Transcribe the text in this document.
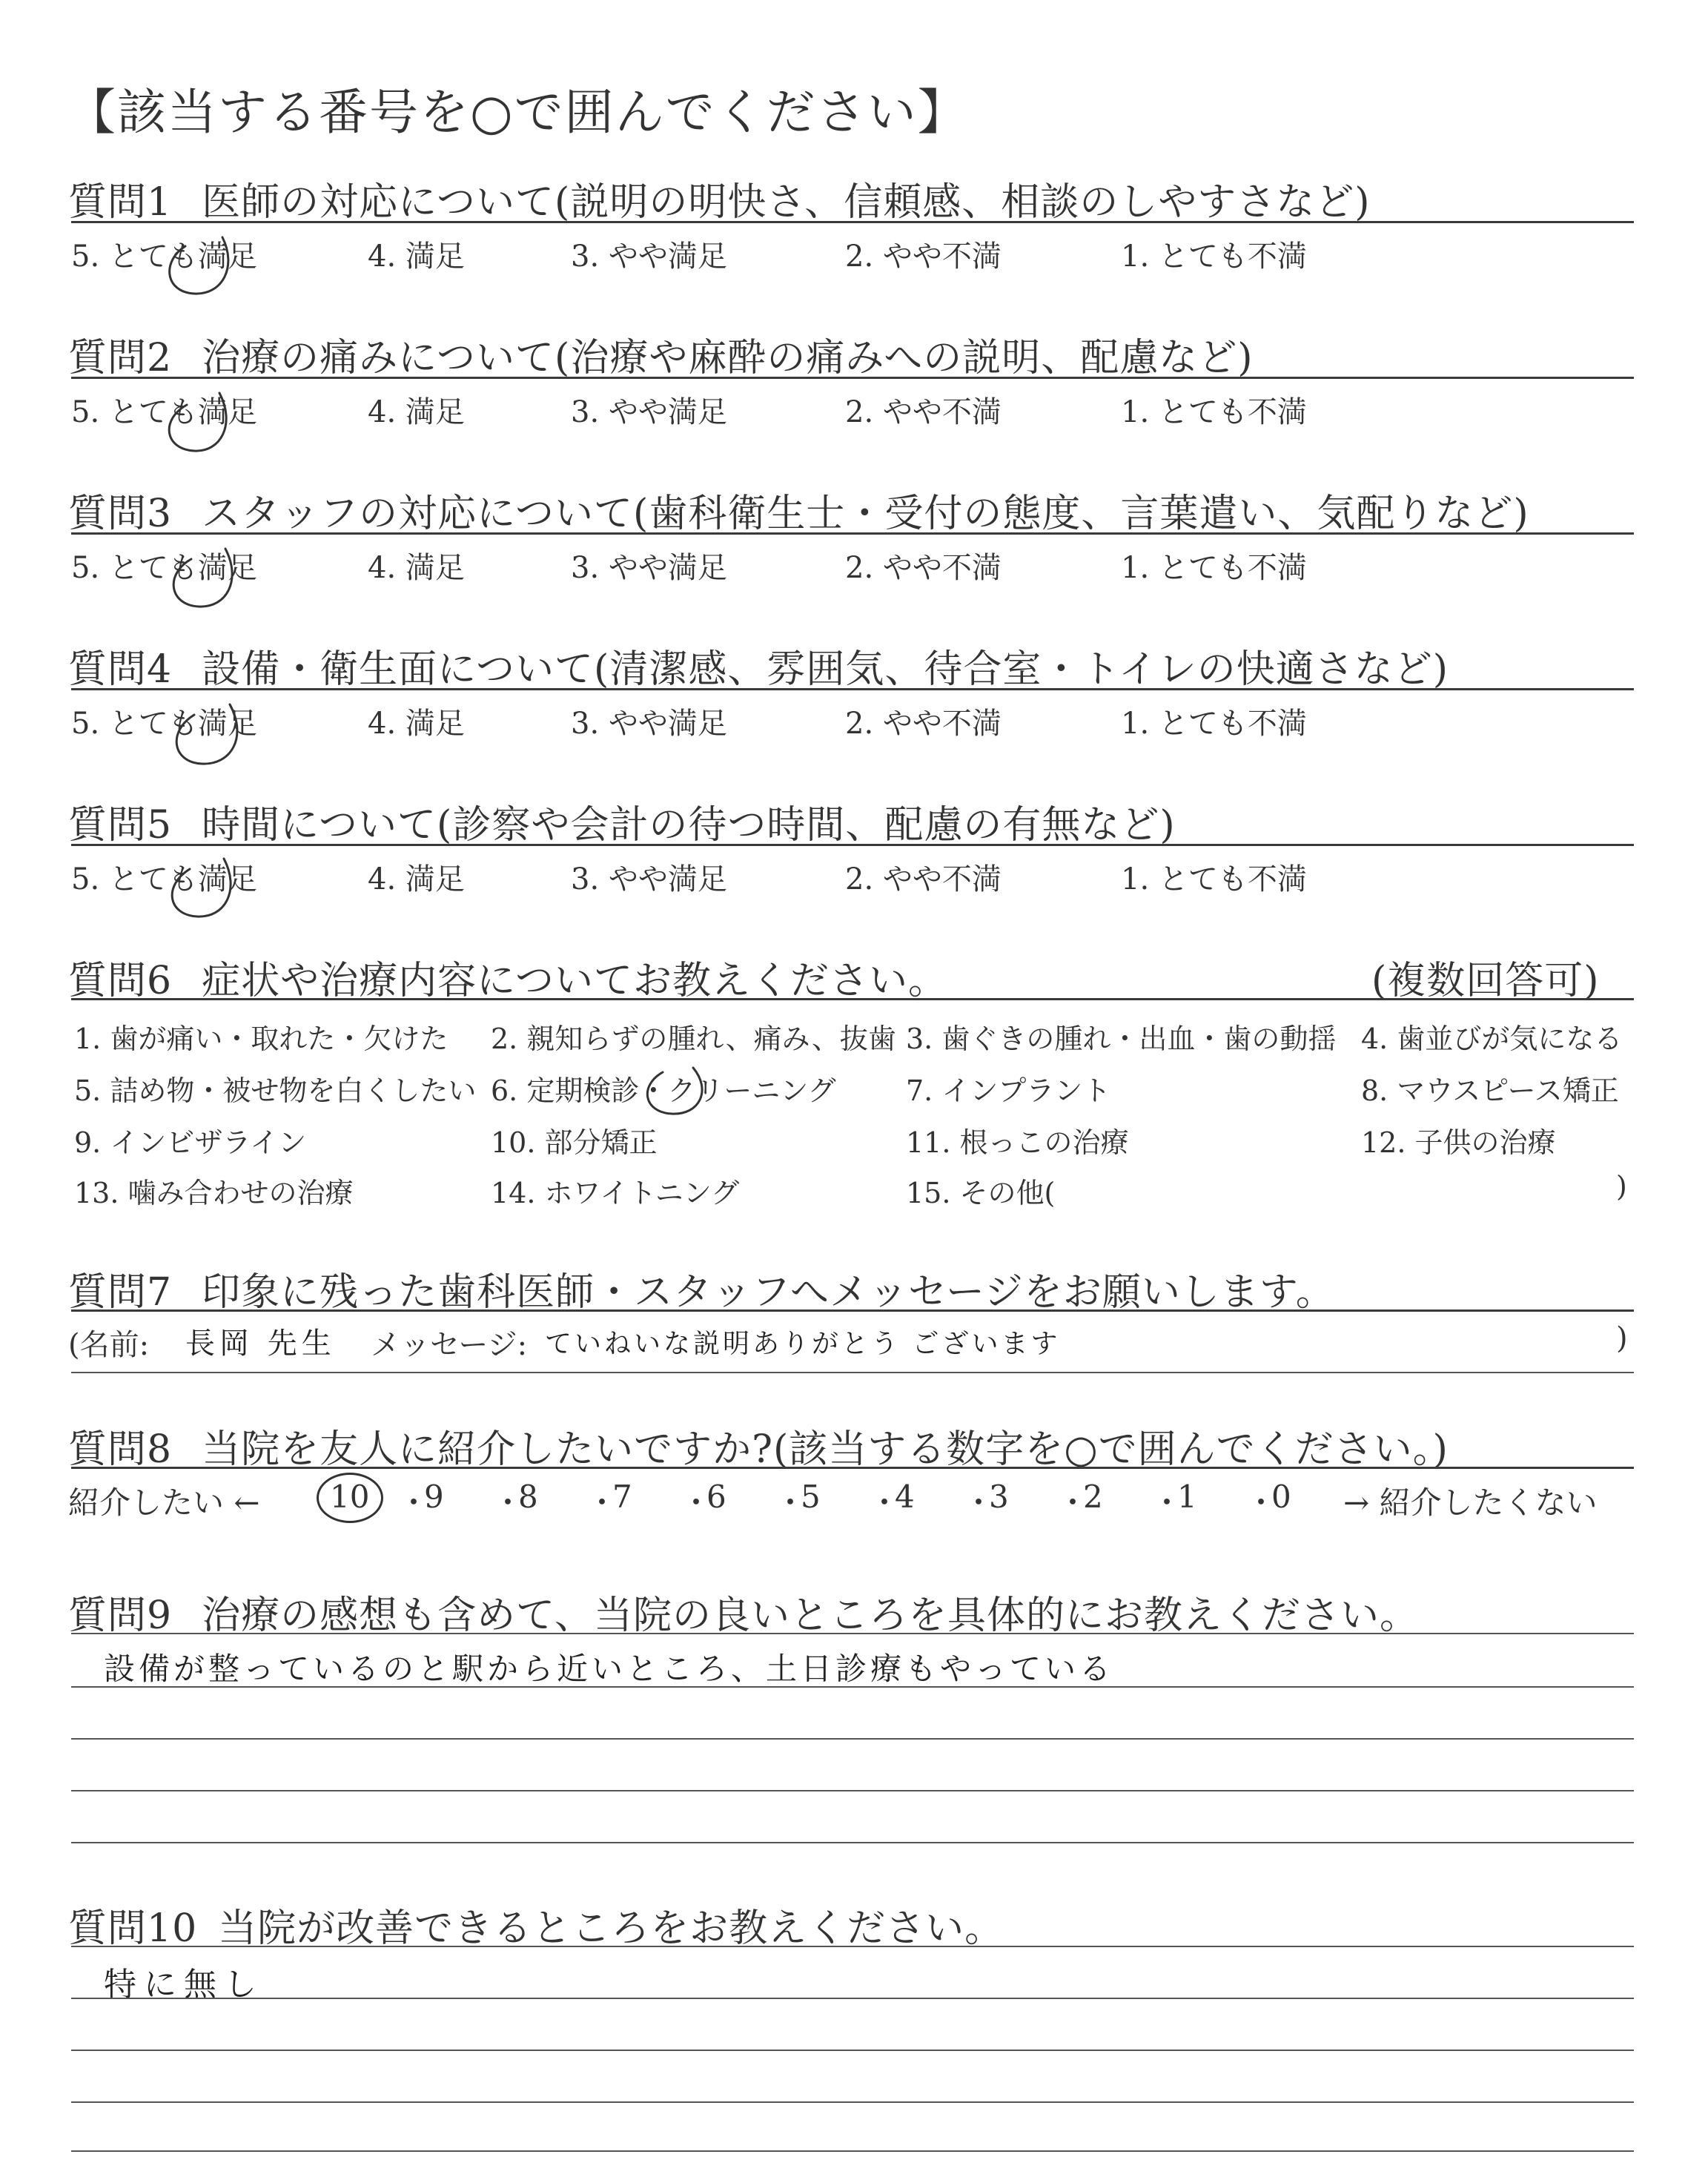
【該当する番号を○で囲んでください】
質問1 医師の対応について(説明の明快さ、信頼感、相談のしやすさなど)
5. とても満足	4. 満足	3. やや満足	2. やや不満	1. とても不満
質問2 治療の痛みについて(治療や麻酔の痛みへの説明、配慮など)
5. とても満足	4. 満足	3. やや満足	2. やや不満	1. とても不満
質問3 スタッフの対応について(歯科衛生士・受付の態度、言葉遣い、気配りなど)
5. とても満足	4. 満足	3. やや満足	2. やや不満	1. とても不満
質問4 設備・衛生面について(清潔感、雰囲気、待合室・トイレの快適さなど)
5. とても満足	4. 満足	3. やや満足	2. やや不満	1. とても不満
質問5 時間について(診察や会計の待つ時間、配慮の有無など)
5. とても満足	4. 満足	3. やや満足	2. やや不満	1. とても不満
質問6 症状や治療内容についてお教えください。	(複数回答可)
1. 歯が痛い・取れた・欠けた 2. 親知らずの腫れ、痛み、抜歯 3. 歯ぐきの腫れ・出血・歯の動揺 4. 歯並びが気になる
5. 詰め物・被せ物を白くしたい 6. 定期検診・クリーニング 7. インプラント	8. マウスピース矯正
9. インビザライン	10. 部分矯正	11. 根っこの治療	12. 子供の治療
13. 噛み合わせの治療	14. ホワイトニング	15. その他(	)
質問7 印象に残った歯科医師・スタッフへメッセージをお願いします。
(名前: 長岡 先生 メッセージ: ていねいな説明ありがとう ございます	)
質問8 当院を友人に紹介したいですか?(該当する数字を○で囲んでください。)
紹介したい ←	→ 紹介したくない
10 ・
9 ・
8 ・
7 ・
6 ・
5 ・
4 ・
3 ・
2 ・
1 ・
0
質問9 治療の感想も含めて、当院の良いところを具体的にお教えください。
設備が整っているのと駅から近いところ、土日診療もやっている
質問10 当院が改善できるところをお教えください。
特に無し
